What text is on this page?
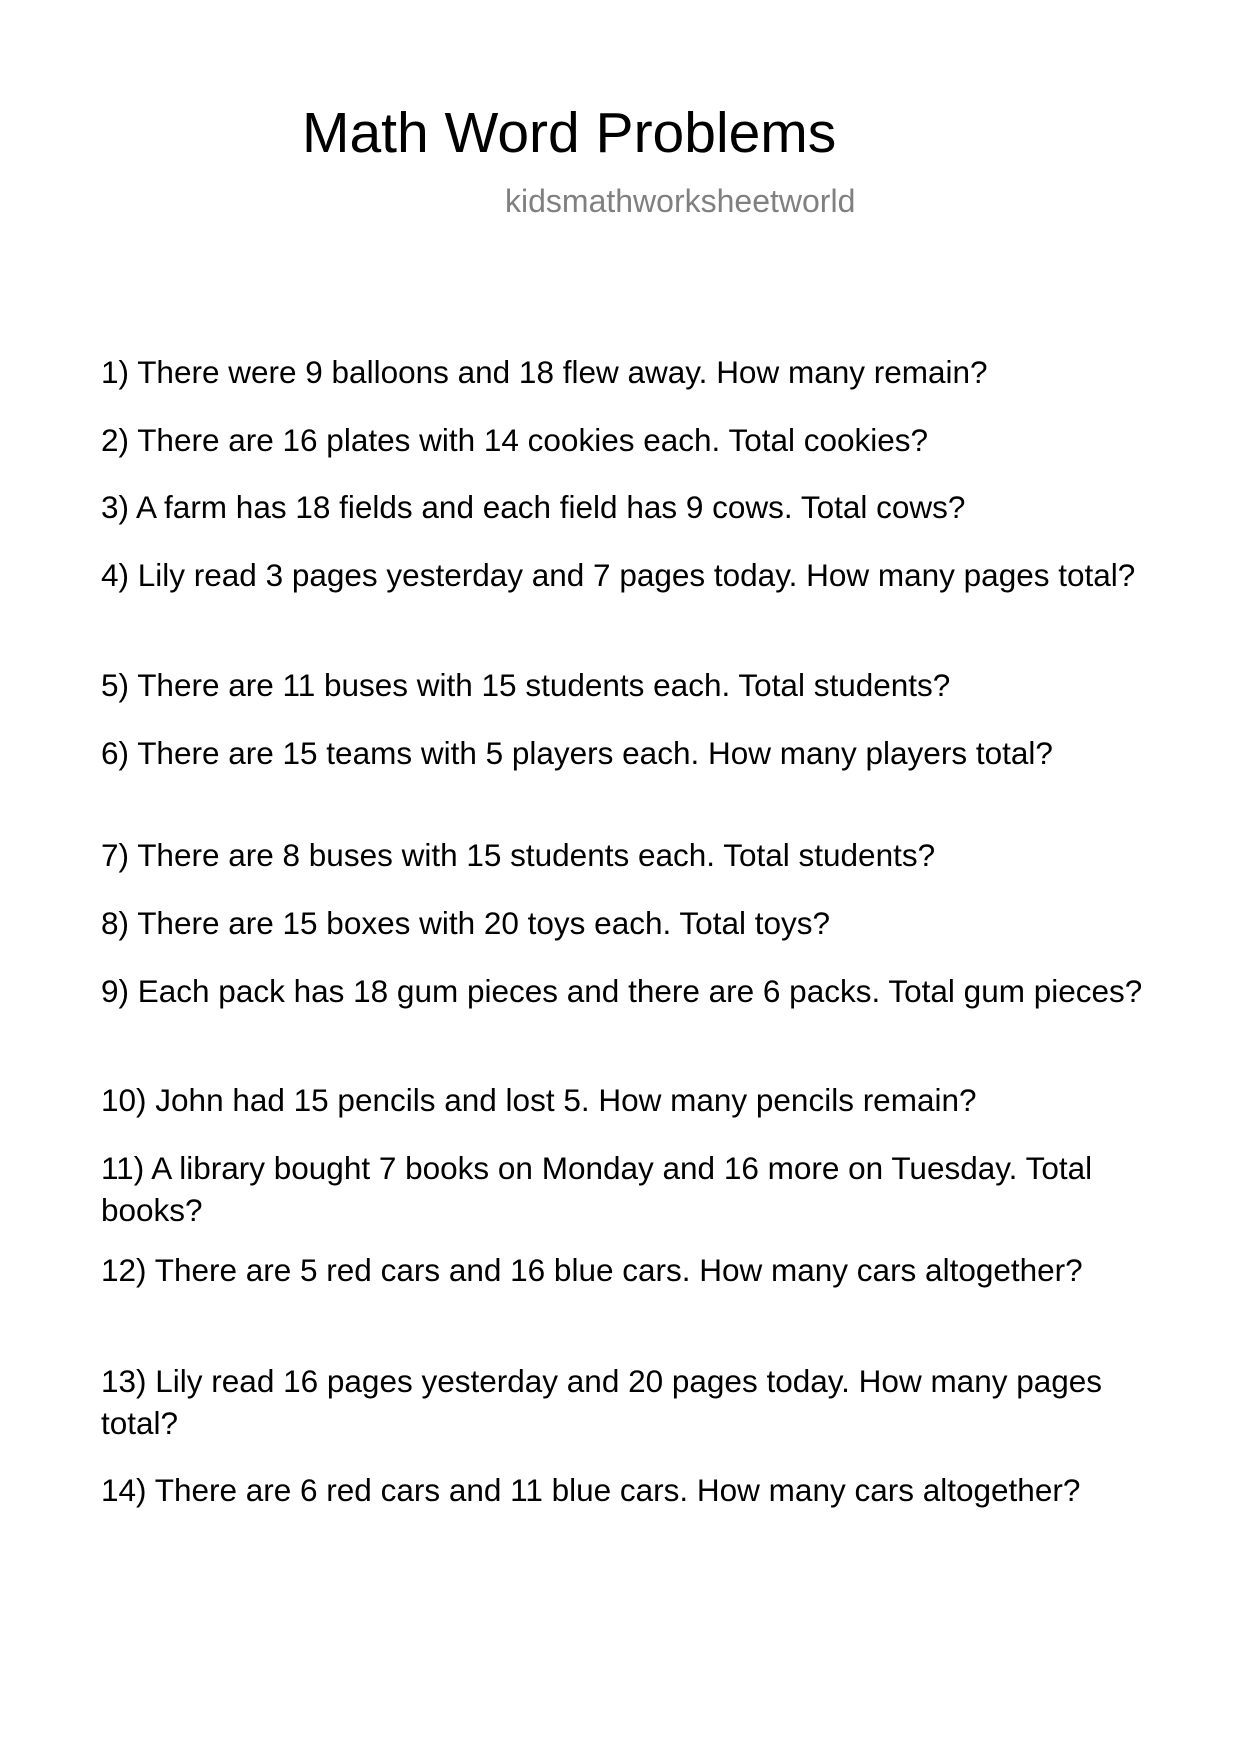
Math Word Problems
kidsmathworksheetworld
1) There were 9 balloons and 18 flew away. How many remain?
2) There are 16 plates with 14 cookies each. Total cookies?
3) A farm has 18 fields and each field has 9 cows. Total cows?
4) Lily read 3 pages yesterday and 7 pages today. How many pages total?
5) There are 11 buses with 15 students each. Total students?
6) There are 15 teams with 5 players each. How many players total?
7) There are 8 buses with 15 students each. Total students?
8) There are 15 boxes with 20 toys each. Total toys?
9) Each pack has 18 gum pieces and there are 6 packs. Total gum pieces?
10) John had 15 pencils and lost 5. How many pencils remain?
11) A library bought 7 books on Monday and 16 more on Tuesday. Total books?
12) There are 5 red cars and 16 blue cars. How many cars altogether?
13) Lily read 16 pages yesterday and 20 pages today. How many pages total?
14) There are 6 red cars and 11 blue cars. How many cars altogether?
